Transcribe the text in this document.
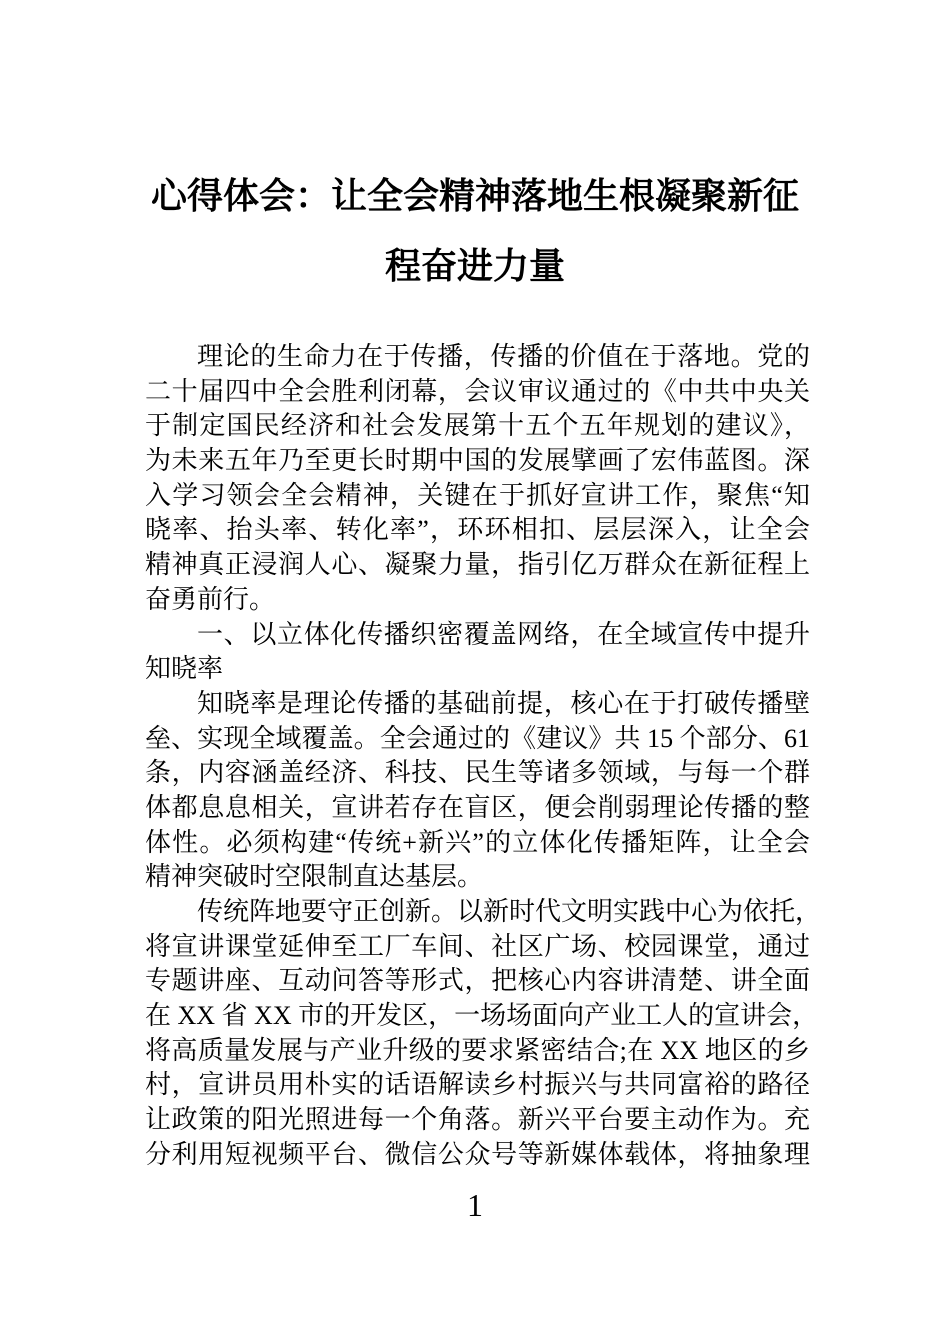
心得体会：让全会精神落地生根凝聚新征
程奋进力量
理论的生命力在于传播，传播的价值在于落地。党的
二十届四中全会胜利闭幕，会议审议通过的《中共中央关
于制定国民经济和社会发展第十五个五年规划的建议》，
为未来五年乃至更长时期中国的发展擘画了宏伟蓝图。深
入学习领会全会精神，关键在于抓好宣讲工作，聚焦“知
晓率、抬头率、转化率”，环环相扣、层层深入，让全会
精神真正浸润人心、凝聚力量，指引亿万群众在新征程上
奋勇前行。
一、以立体化传播织密覆盖网络，在全域宣传中提升
知晓率
知晓率是理论传播的基础前提，核心在于打破传播壁
垒、实现全域覆盖。全会通过的《建议》共 15 个部分、61
条，内容涵盖经济、科技、民生等诸多领域，与每一个群
体都息息相关，宣讲若存在盲区，便会削弱理论传播的整
体性。必须构建“传统+新兴”的立体化传播矩阵，让全会
精神突破时空限制直达基层。
传统阵地要守正创新。以新时代文明实践中心为依托，
将宣讲课堂延伸至工厂车间、社区广场、校园课堂，通过
专题讲座、互动问答等形式，把核心内容讲清楚、讲全面
在 XX 省 XX 市的开发区，一场场面向产业工人的宣讲会，
将高质量发展与产业升级的要求紧密结合;在 XX 地区的乡
村，宣讲员用朴实的话语解读乡村振兴与共同富裕的路径
让政策的阳光照进每一个角落。新兴平台要主动作为。充
分利用短视频平台、微信公众号等新媒体载体，将抽象理
1
